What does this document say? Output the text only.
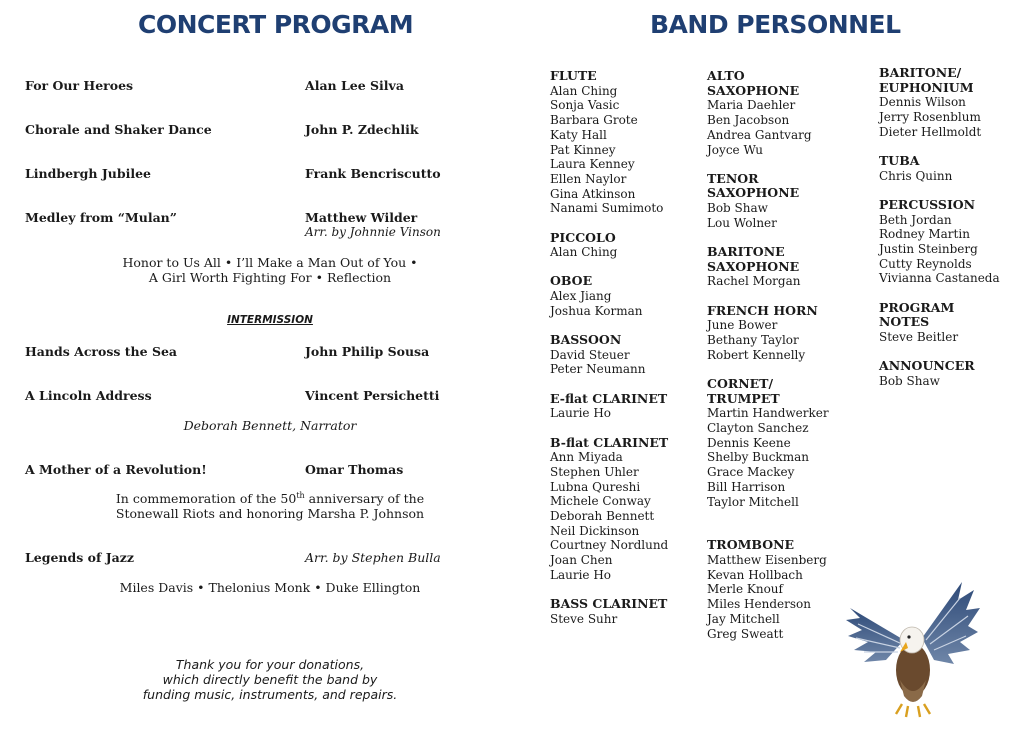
CONCERT PROGRAM	BAND PERSONNEL
For Our Heroes	Alan Lee Silva
Chorale and Shaker Dance	John P. Zdechlik
Lindbergh Jubilee	Frank Bencriscutto
Medley from “Mulan”	Matthew Wilder
Arr. by Johnnie Vinson
Honor to Us All • I’ll Make a Man Out of You •
A Girl Worth Fighting For • Reflection
INTERMISSION
Hands Across the Sea	John Philip Sousa
A Lincoln Address	Vincent Persichetti
Deborah Bennett, Narrator
A Mother of a Revolution!	Omar Thomas
In commemoration of the 50th anniversary of the
Stonewall Riots and honoring Marsha P. Johnson
Legends of Jazz	Arr. by Stephen Bulla
Miles Davis • Thelonius Monk • Duke Ellington
Thank you for your donations,
which directly benefit the band by
funding music, instruments, and repairs.
FLUTE
Alan Ching
Sonja Vasic
Barbara Grote
Katy Hall
Pat Kinney
Laura Kenney
Ellen Naylor
Gina Atkinson
Nanami Sumimoto
PICCOLO
Alan Ching
OBOE
Alex Jiang
Joshua Korman
BASSOON
David Steuer
Peter Neumann
E-flat CLARINET
Laurie Ho
B-flat CLARINET
Ann Miyada
Stephen Uhler
Lubna Qureshi
Michele Conway
Deborah Bennett
Neil Dickinson
Courtney Nordlund
Joan Chen
Laurie Ho
BASS CLARINET
Steve Suhr
ALTO
SAXOPHONE
Maria Daehler
Ben Jacobson
Andrea Gantvarg
Joyce Wu
TENOR
SAXOPHONE
Bob Shaw
Lou Wolner
BARITONE
SAXOPHONE
Rachel Morgan
FRENCH HORN
June Bower
Bethany Taylor
Robert Kennelly
CORNET/
TRUMPET
Martin Handwerker
Clayton Sanchez
Dennis Keene
Shelby Buckman
Grace Mackey
Bill Harrison
Taylor Mitchell
TROMBONE
Matthew Eisenberg
Kevan Hollbach
Merle Knouf
Miles Henderson
Jay Mitchell
Greg Sweatt
BARITONE/
EUPHONIUM
Dennis Wilson
Jerry Rosenblum
Dieter Hellmoldt
TUBA
Chris Quinn
PERCUSSION
Beth Jordan
Rodney Martin
Justin Steinberg
Cutty Reynolds
Vivianna Castaneda
PROGRAM
NOTES
Steve Beitler
ANNOUNCER
Bob Shaw
